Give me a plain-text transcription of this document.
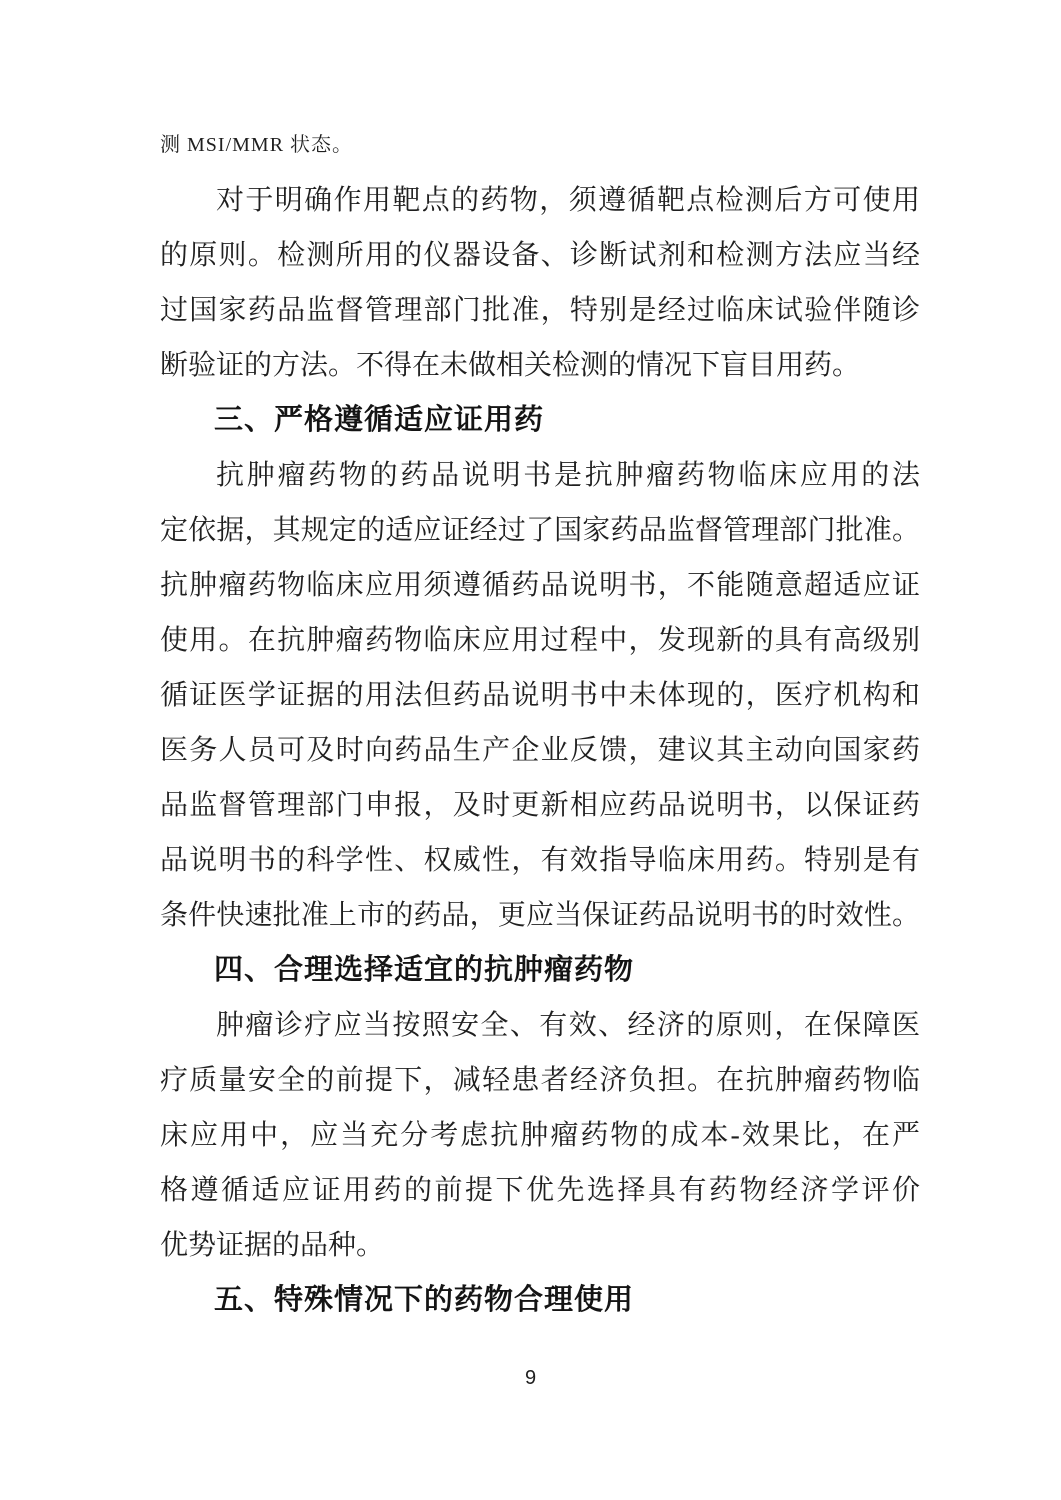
测 MSI/MMR 状态。
对于明确作用靶点的药物，须遵循靶点检测后方可使用
的原则。检测所用的仪器设备、诊断试剂和检测方法应当经
过国家药品监督管理部门批准，特别是经过临床试验伴随诊
断验证的方法。不得在未做相关检测的情况下盲目用药。
三、严格遵循适应证用药
抗肿瘤药物的药品说明书是抗肿瘤药物临床应用的法
定依据，其规定的适应证经过了国家药品监督管理部门批准。
抗肿瘤药物临床应用须遵循药品说明书，不能随意超适应证
使用。在抗肿瘤药物临床应用过程中，发现新的具有高级别
循证医学证据的用法但药品说明书中未体现的，医疗机构和
医务人员可及时向药品生产企业反馈，建议其主动向国家药
品监督管理部门申报，及时更新相应药品说明书，以保证药
品说明书的科学性、权威性，有效指导临床用药。特别是有
条件快速批准上市的药品，更应当保证药品说明书的时效性。
四、合理选择适宜的抗肿瘤药物
肿瘤诊疗应当按照安全、有效、经济的原则，在保障医
疗质量安全的前提下，减轻患者经济负担。在抗肿瘤药物临
床应用中，应当充分考虑抗肿瘤药物的成本-效果比，在严
格遵循适应证用药的前提下优先选择具有药物经济学评价
优势证据的品种。
五、特殊情况下的药物合理使用
9
